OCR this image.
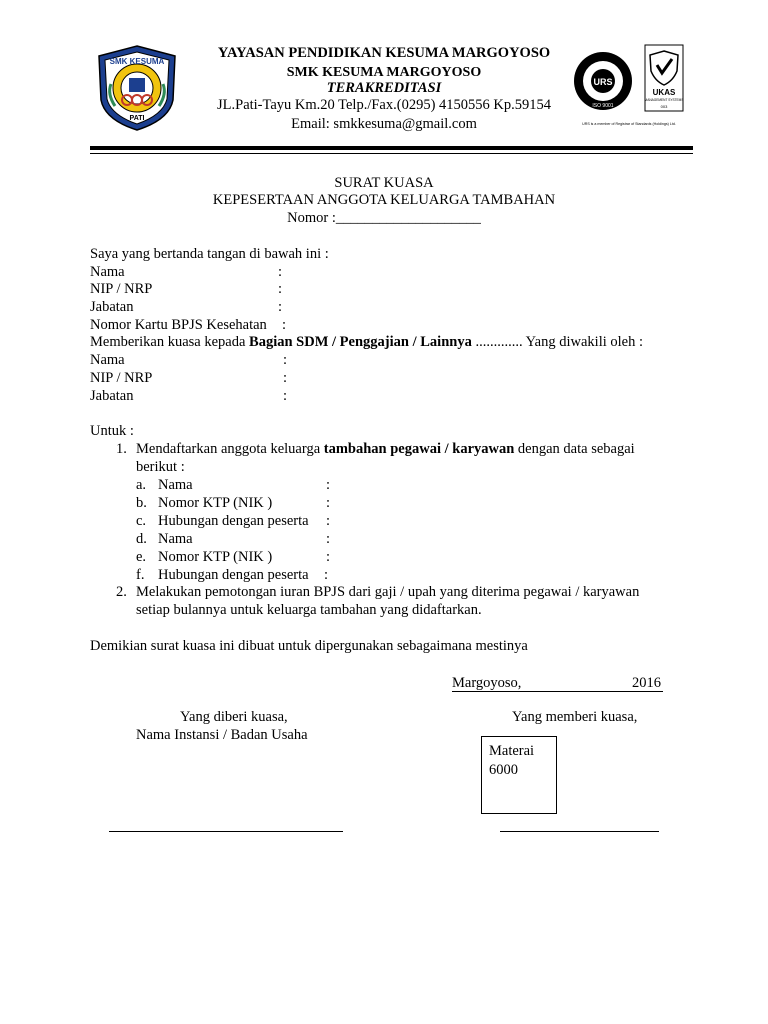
SMK KESUMA
PATI
YAYASAN PENDIDIKAN KESUMA MARGOYOSO
SMK KESUMA MARGOYOSO
TERAKREDITASI
JL.Pati-Tayu Km.20 Telp./Fax.(0295) 4150556 Kp.59154
Email: smkkesuma@gmail.com
URS
ISO 9001
UKAS
MANAGEMENT SYSTEMS
003
URS is a member of Registrar of Standards (Holdings) Ltd.
SURAT KUASA
KEPESERTAAN ANGGOTA KELUARGA TAMBAHAN
Nomor :____________________
Saya yang bertanda tangan di bawah ini :
Nama	:
NIP / NRP	:
Jabatan	:
Nomor Kartu BPJS Kesehatan :
Memberikan kuasa kepada Bagian SDM / Penggajian / Lainnya ............. Yang diwakili oleh :
Nama	:
NIP / NRP	:
Jabatan	:
Untuk :
1. Mendaftarkan anggota keluarga tambahan pegawai / karyawan dengan data sebagai
berikut :
a. Nama	:
b. Nomor KTP (NIK )	:
c. Hubungan dengan peserta :
d. Nama	:
e. Nomor KTP (NIK )	:
f. Hubungan dengan peserta :
2. Melakukan pemotongan iuran BPJS dari gaji / upah yang diterima pegawai / karyawan
setiap bulannya untuk keluarga tambahan yang didaftarkan.
Demikian surat kuasa ini dibuat untuk dipergunakan sebagaimana mestinya
Margoyoso,	2016
Yang diberi kuasa,
Nama Instansi / Badan Usaha
Yang memberi kuasa,
Materai
6000
